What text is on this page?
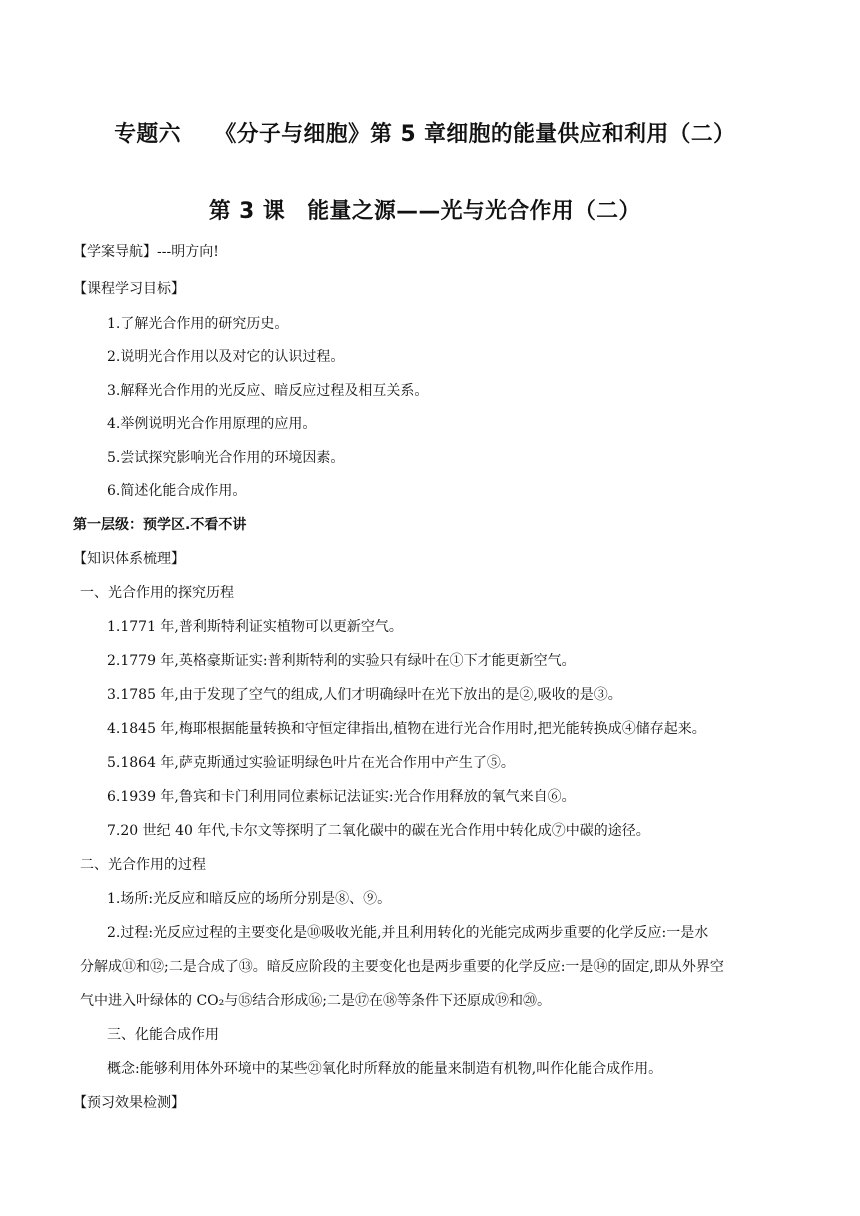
专题六　　《分子与细胞》第 5 章细胞的能量供应和利用（二）
第 3 课　能量之源——光与光合作用（二）
【学案导航】---明方向!
【课程学习目标】
1.了解光合作用的研究历史。
2.说明光合作用以及对它的认识过程。
3.解释光合作用的光反应、暗反应过程及相互关系。
4.举例说明光合作用原理的应用。
5.尝试探究影响光合作用的环境因素。
6.简述化能合成作用。
第一层级：预学区.不看不讲
【知识体系梳理】
一、光合作用的探究历程
1.1771 年,普利斯特利证实植物可以更新空气。
2.1779 年,英格豪斯证实:普利斯特利的实验只有绿叶在①下才能更新空气。
3.1785 年,由于发现了空气的组成,人们才明确绿叶在光下放出的是②,吸收的是③。
4.1845 年,梅耶根据能量转换和守恒定律指出,植物在进行光合作用时,把光能转换成④储存起来。
5.1864 年,萨克斯通过实验证明绿色叶片在光合作用中产生了⑤。
6.1939 年,鲁宾和卡门利用同位素标记法证实:光合作用释放的氧气来自⑥。
7.20 世纪 40 年代,卡尔文等探明了二氧化碳中的碳在光合作用中转化成⑦中碳的途径。
二、光合作用的过程
1.场所:光反应和暗反应的场所分别是⑧、⑨。
2.过程:光反应过程的主要变化是⑩吸收光能,并且利用转化的光能完成两步重要的化学反应:一是水
分解成⑪和⑫;二是合成了⑬。暗反应阶段的主要变化也是两步重要的化学反应:一是⑭的固定,即从外界空
气中进入叶绿体的 CO₂与⑮结合形成⑯;二是⑰在⑱等条件下还原成⑲和⑳。
三、化能合成作用
概念:能够利用体外环境中的某些㉑氧化时所释放的能量来制造有机物,叫作化能合成作用。
【预习效果检测】
